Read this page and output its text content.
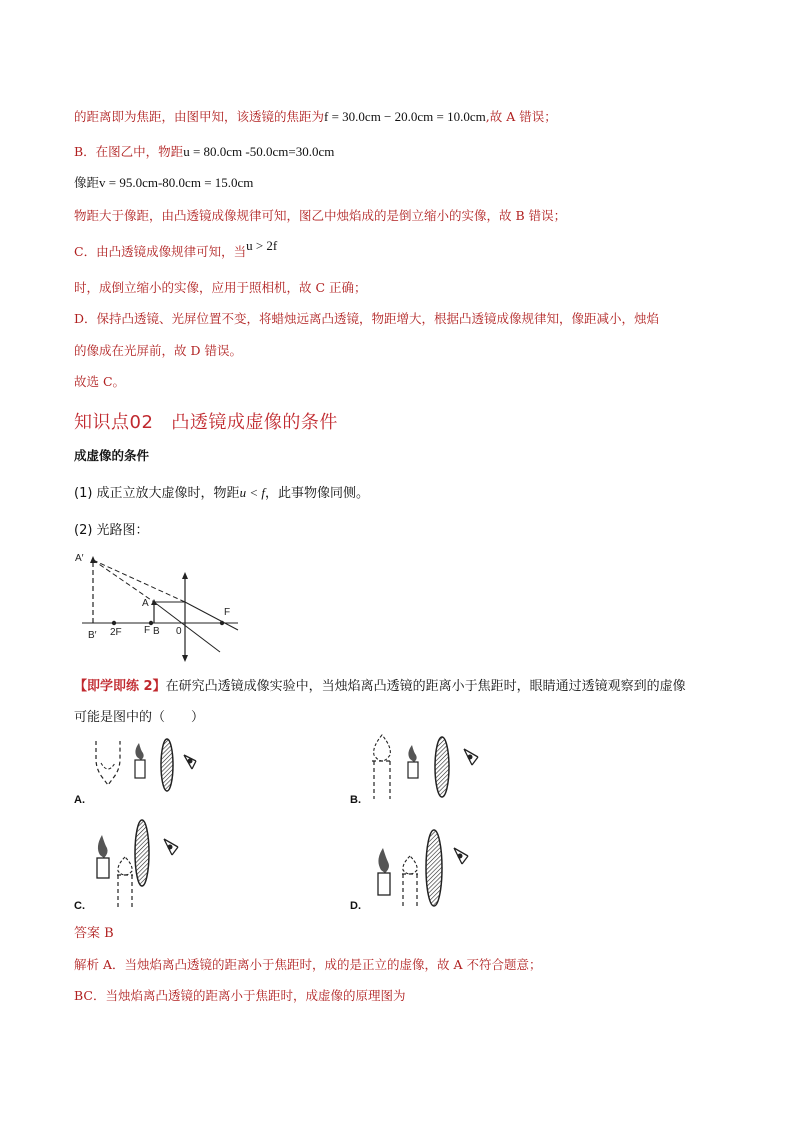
的距离即为焦距，由图甲知，该透镜的焦距为f = 30.0cm − 20.0cm = 10.0cm,故 A 错误；
B．在图乙中，物距u = 80.0cm -50.0cm=30.0cm
像距v = 95.0cm-80.0cm = 15.0cm
物距大于像距，由凸透镜成像规律可知，图乙中烛焰成的是倒立缩小的实像，故 B 错误；
C．由凸透镜成像规律可知，当u > 2f
时，成倒立缩小的实像，应用于照相机，故 C 正确；
D．保持凸透镜、光屏位置不变，将蜡烛远离凸透镜，物距增大，根据凸透镜成像规律知，像距减小，烛焰
的像成在光屏前，故 D 错误。
故选 C。
知识点02 凸透镜成虚像的条件
成虚像的条件
(1) 成正立放大虚像时，物距u < f，此事物像同侧。
(2) 光路图：
A′
A
B′ 2F F B 0
F
【即学即练 2】在研究凸透镜成像实验中，当烛焰离凸透镜的距离小于焦距时，眼睛通过透镜观察到的虚像
可能是图中的（　　）
A.	B.
C.	D.
答案 B
解析 A．当烛焰离凸透镜的距离小于焦距时，成的是正立的虚像，故 A 不符合题意；
BC．当烛焰离凸透镜的距离小于焦距时，成虚像的原理图为
